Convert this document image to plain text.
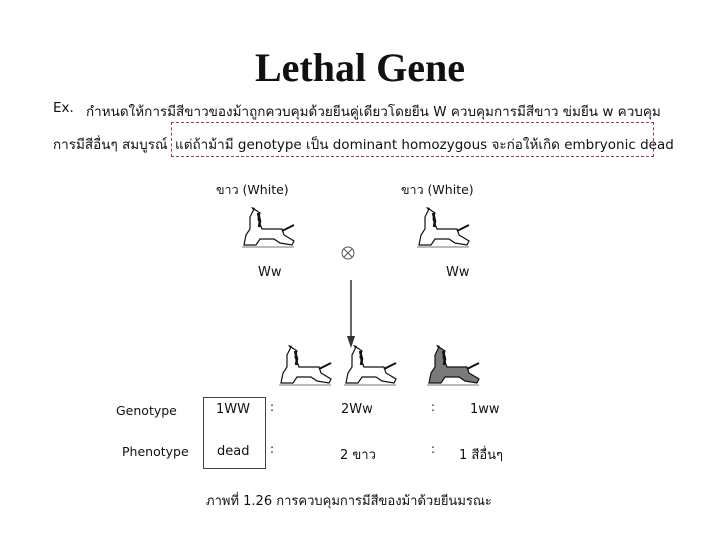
Lethal Gene
Ex. กำหนดให้การมีสีขาวของม้าถูกควบคุมด้วยยีนคู่เดียวโดยยีน W ควบคุมการมีสีขาว ข่มยีน w ควบคุม
การมีสีอื่นๆ สมบูรณ์ แต่ถ้าม้ามี genotype เป็น dominant homozygous จะก่อให้เกิด embryonic dead
ขาว (White)	ขาว (White)
Ww	Ww
Genotype	1WW :	2Ww	:	1ww
Phenotype dead :	2 ขาว	: 1 สีอื่นๆ
ภาพที่ 1.26 การควบคุมการมีสีของม้าด้วยยีนมรณะ
